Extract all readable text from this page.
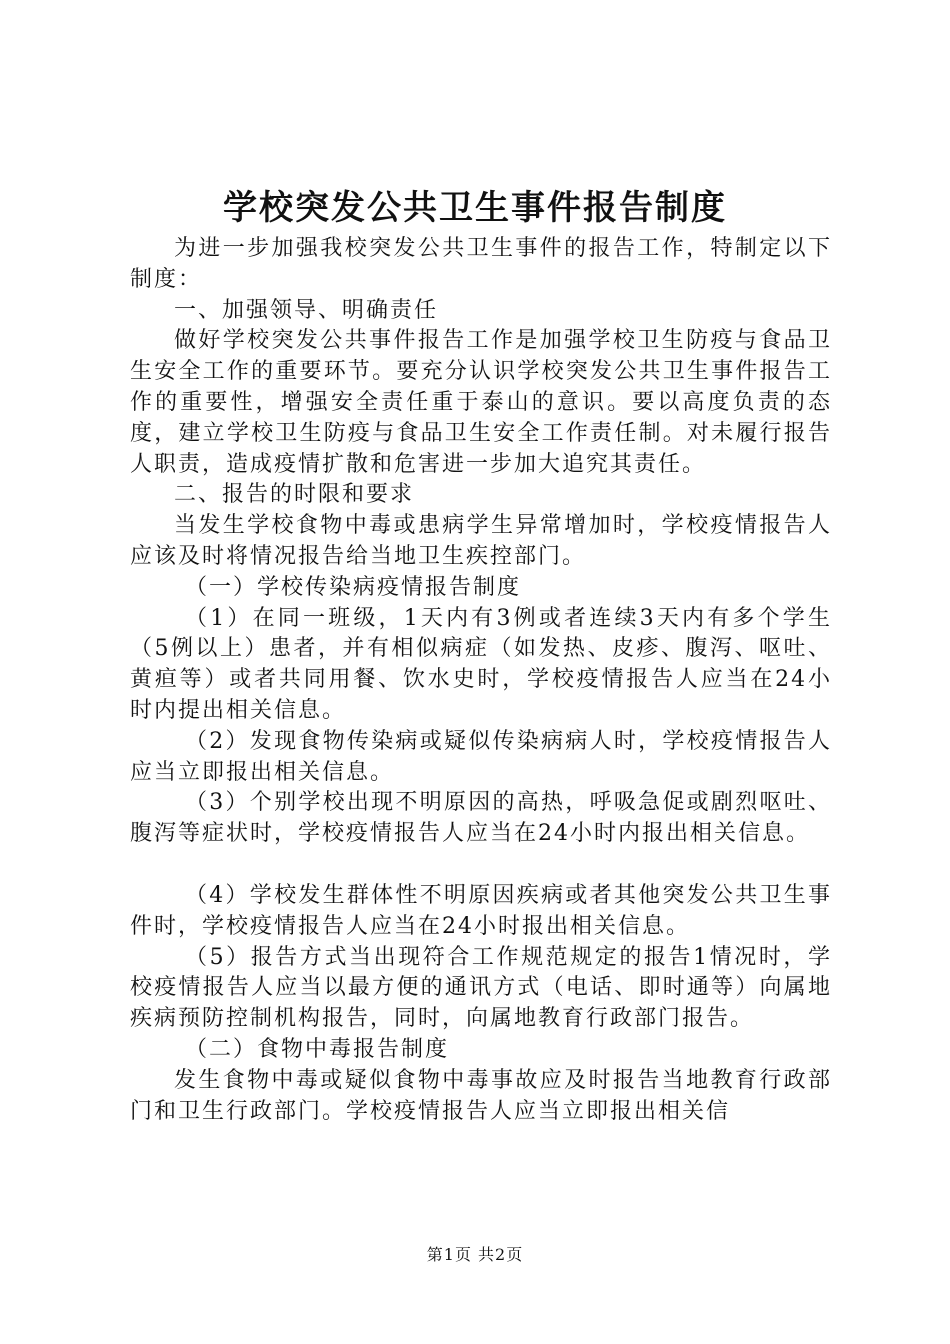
学校突发公共卫生事件报告制度

为进一步加强我校突发公共卫生事件的报告工作，特制定以下制度：

一、加强领导、明确责任

做好学校突发公共事件报告工作是加强学校卫生防疫与食品卫生安全工作的重要环节。要充分认识学校突发公共卫生事件报告工作的重要性，增强安全责任重于泰山的意识。要以高度负责的态度，建立学校卫生防疫与食品卫生安全工作责任制。对未履行报告人职责，造成疫情扩散和危害进一步加大追究其责任。

二、报告的时限和要求

当发生学校食物中毒或患病学生异常增加时，学校疫情报告人应该及时将情况报告给当地卫生疾控部门。

（一）学校传染病疫情报告制度

（1）在同一班级，1天内有3例或者连续3天内有多个学生（5例以上）患者，并有相似病症（如发热、皮疹、腹泻、呕吐、黄疸等）或者共同用餐、饮水史时，学校疫情报告人应当在24小时内提出相关信息。

（2）发现食物传染病或疑似传染病病人时，学校疫情报告人应当立即报出相关信息。

（3）个别学校出现不明原因的高热，呼吸急促或剧烈呕吐、腹泻等症状时，学校疫情报告人应当在24小时内报出相关信息。

（4）学校发生群体性不明原因疾病或者其他突发公共卫生事件时，学校疫情报告人应当在24小时报出相关信息。

（5）报告方式当出现符合工作规范规定的报告1情况时，学校疫情报告人应当以最方便的通讯方式（电话、即时通等）向属地疾病预防控制机构报告，同时，向属地教育行政部门报告。

（二）食物中毒报告制度

发生食物中毒或疑似食物中毒事故应及时报告当地教育行政部门和卫生行政部门。学校疫情报告人应当立即报出相关信

第1页 共2页
